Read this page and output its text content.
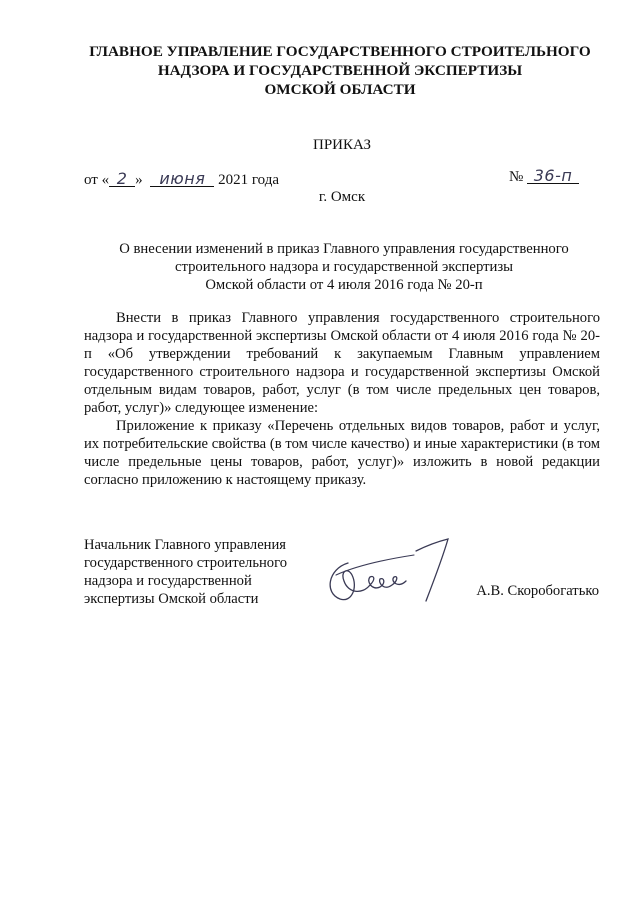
ГЛАВНОЕ УПРАВЛЕНИЕ ГОСУДАРСТВЕННОГО СТРОИТЕЛЬНОГО
НАДЗОРА И ГОСУДАРСТВЕННОЙ ЭКСПЕРТИЗЫ
ОМСКОЙ ОБЛАСТИ
ПРИКАЗ
от « 2 » июня 2021 года	№ 36-п
г. Омск
О внесении изменений в приказ Главного управления государственного
строительного надзора и государственной экспертизы
Омской области от 4 июля 2016 года № 20-п

Внести в приказ Главного управления государственного строительного надзора и государственной экспертизы Омской области от 4 июля 2016 года № 20-п «Об утверждении требований к закупаемым Главным управлением государственного строительного надзора и государственной экспертизы Омской отдельным видам товаров, работ, услуг (в том числе предельных цен товаров, работ, услуг)» следующее изменение:

Приложение к приказу «Перечень отдельных видов товаров, работ и услуг, их потребительские свойства (в том числе качество) и иные характеристики (в том числе предельные цены товаров, работ, услуг)» изложить в новой редакции согласно приложению к настоящему приказу.

Начальник Главного управления
государственного строительного
надзора и государственной
экспертизы Омской области	А.В. Скоробогатько
